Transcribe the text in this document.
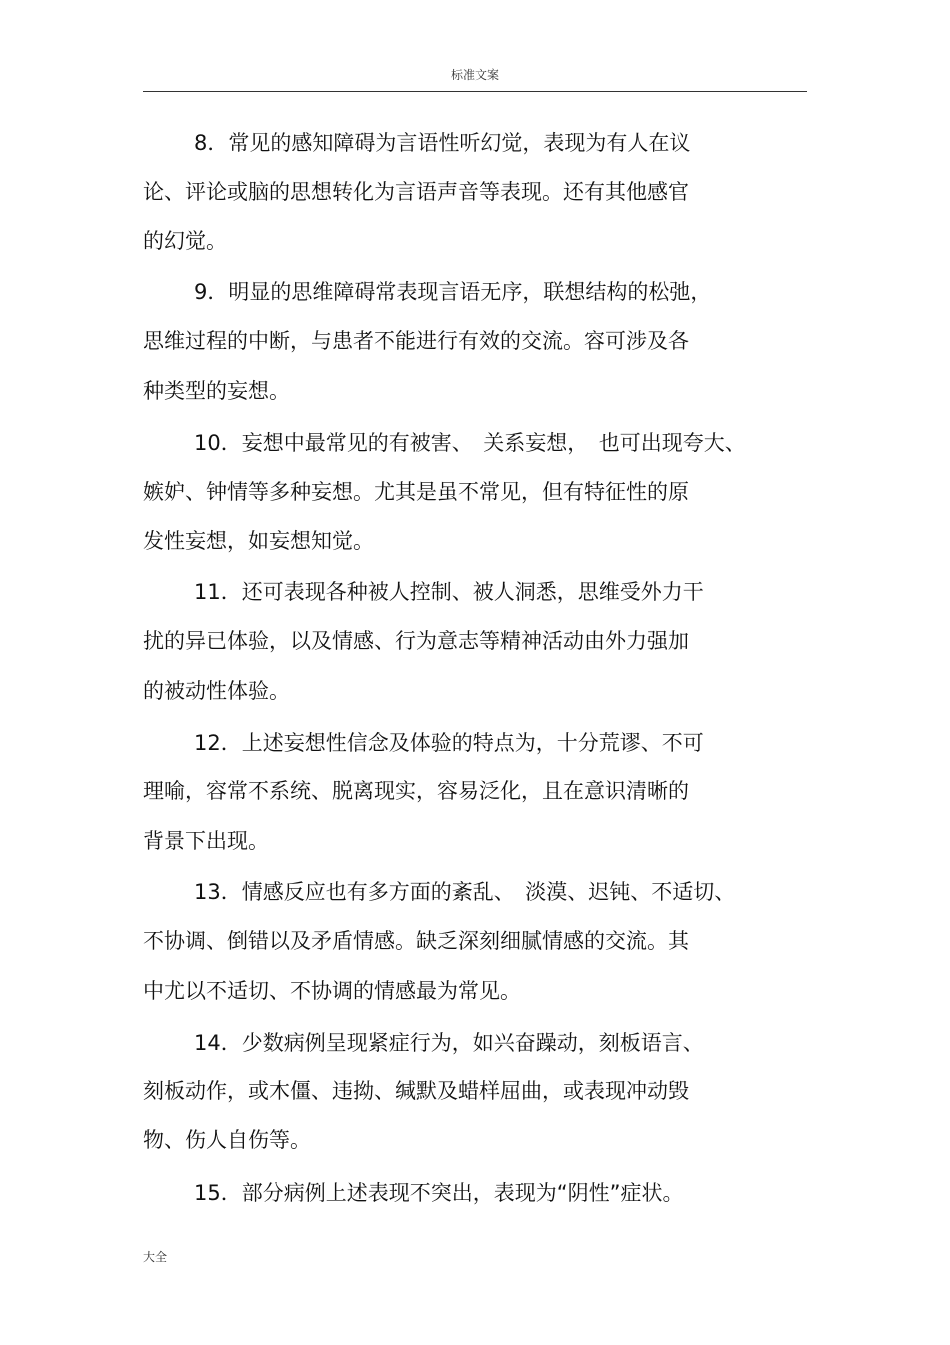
标准文案
8．常见的感知障碍为言语性听幻觉，表现为有人在议
论、评论或脑的思想转化为言语声音等表现。还有其他感官
的幻觉。
9．明显的思维障碍常表现言语无序，联想结构的松弛，
思维过程的中断，与患者不能进行有效的交流。容可涉及各
种类型的妄想。
10．妄想中最常见的有被害、　关系妄想，　也可出现夸大、
嫉妒、钟情等多种妄想。尤其是虽不常见，但有特征性的原
发性妄想，如妄想知觉。
11．还可表现各种被人控制、被人洞悉，思维受外力干
扰的异已体验，以及情感、行为意志等精神活动由外力强加
的被动性体验。
12．上述妄想性信念及体验的特点为，十分荒谬、不可
理喻，容常不系统、脱离现实，容易泛化，且在意识清晰的
背景下出现。
13．情感反应也有多方面的紊乱、　淡漠、迟钝、不适切、
不协调、倒错以及矛盾情感。缺乏深刻细腻情感的交流。其
中尤以不适切、不协调的情感最为常见。
14．少数病例呈现紧症行为，如兴奋躁动，刻板语言、
刻板动作，或木僵、违拗、缄默及蜡样屈曲，或表现冲动毁
物、伤人自伤等。
15．部分病例上述表现不突出，表现为“阴性”症状。
大全
